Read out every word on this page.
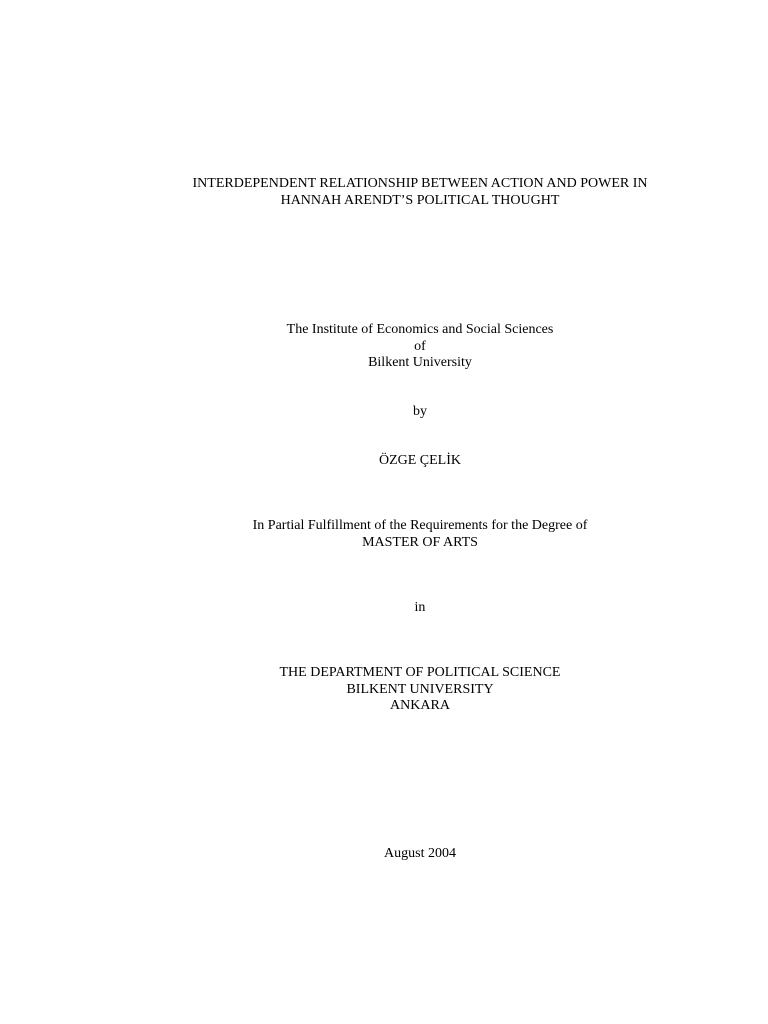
INTERDEPENDENT RELATIONSHIP BETWEEN ACTION AND POWER IN
HANNAH ARENDT’S POLITICAL THOUGHT
The Institute of Economics and Social Sciences
of
Bilkent University
by
ÖZGE ÇELİK
In Partial Fulfillment of the Requirements for the Degree of
MASTER OF ARTS
in
THE DEPARTMENT OF POLITICAL SCIENCE
BILKENT UNIVERSITY
ANKARA
August 2004
